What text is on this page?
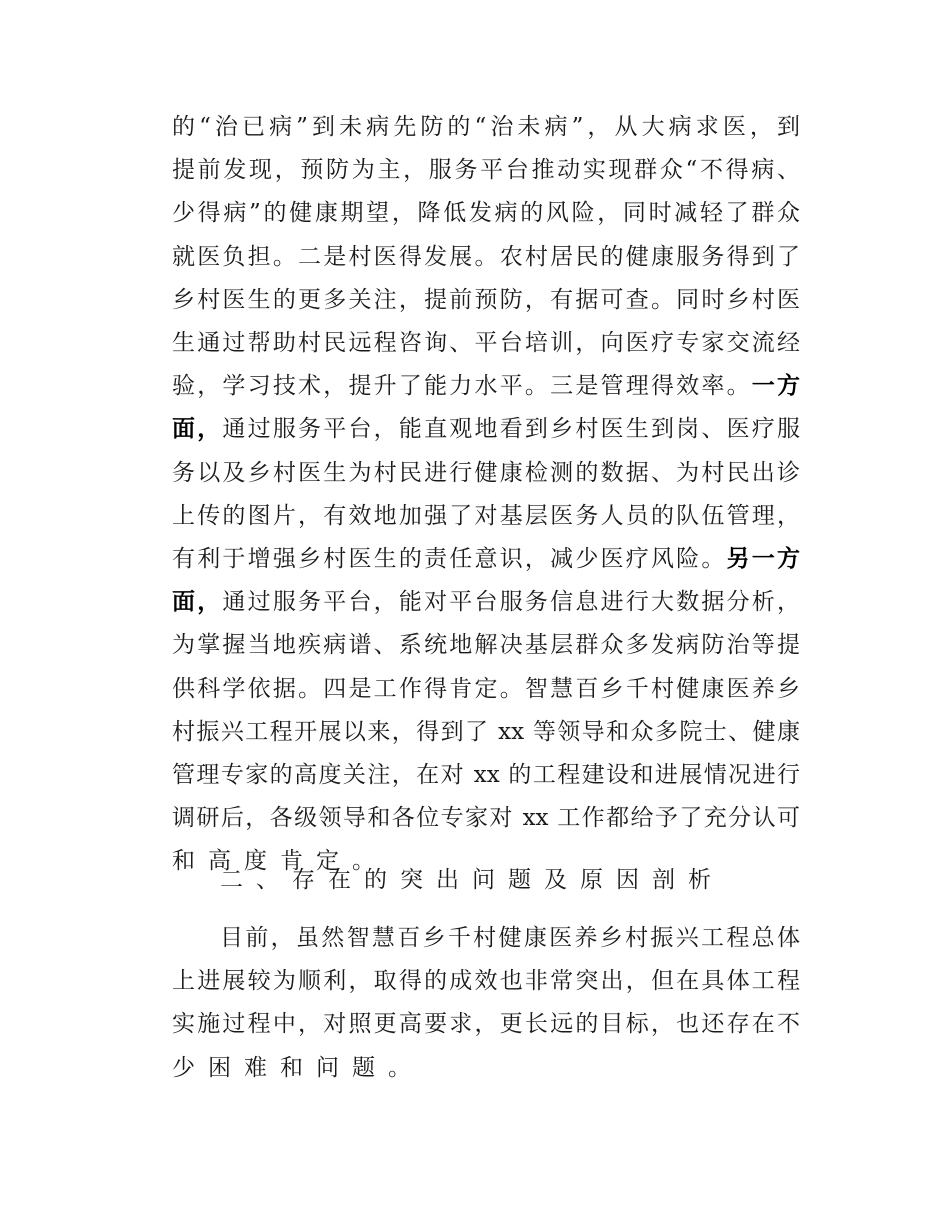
的“治已病”到未病先防的“治未病”，从大病求医，到
提前发现，预防为主，服务平台推动实现群众“不得病、
少得病”的健康期望，降低发病的风险，同时减轻了群众
就医负担。二是村医得发展。农村居民的健康服务得到了
乡村医生的更多关注，提前预防，有据可查。同时乡村医
生通过帮助村民远程咨询、平台培训，向医疗专家交流经
验，学习技术，提升了能力水平。三是管理得效率。一方
面，通过服务平台，能直观地看到乡村医生到岗、医疗服
务以及乡村医生为村民进行健康检测的数据、为村民出诊
上传的图片，有效地加强了对基层医务人员的队伍管理，
有利于增强乡村医生的责任意识，减少医疗风险。另一方
面，通过服务平台，能对平台服务信息进行大数据分析，
为掌握当地疾病谱、系统地解决基层群众多发病防治等提
供科学依据。四是工作得肯定。智慧百乡千村健康医养乡
村振兴工程开展以来，得到了 xx 等领导和众多院士、健康
管理专家的高度关注，在对 xx 的工程建设和进展情况进行
调研后，各级领导和各位专家对 xx 工作都给予了充分认可
和高度肯定。
二、存在的突出问题及原因剖析
目前，虽然智慧百乡千村健康医养乡村振兴工程总体
上进展较为顺利，取得的成效也非常突出，但在具体工程
实施过程中，对照更高要求，更长远的目标，也还存在不
少困难和问题。
